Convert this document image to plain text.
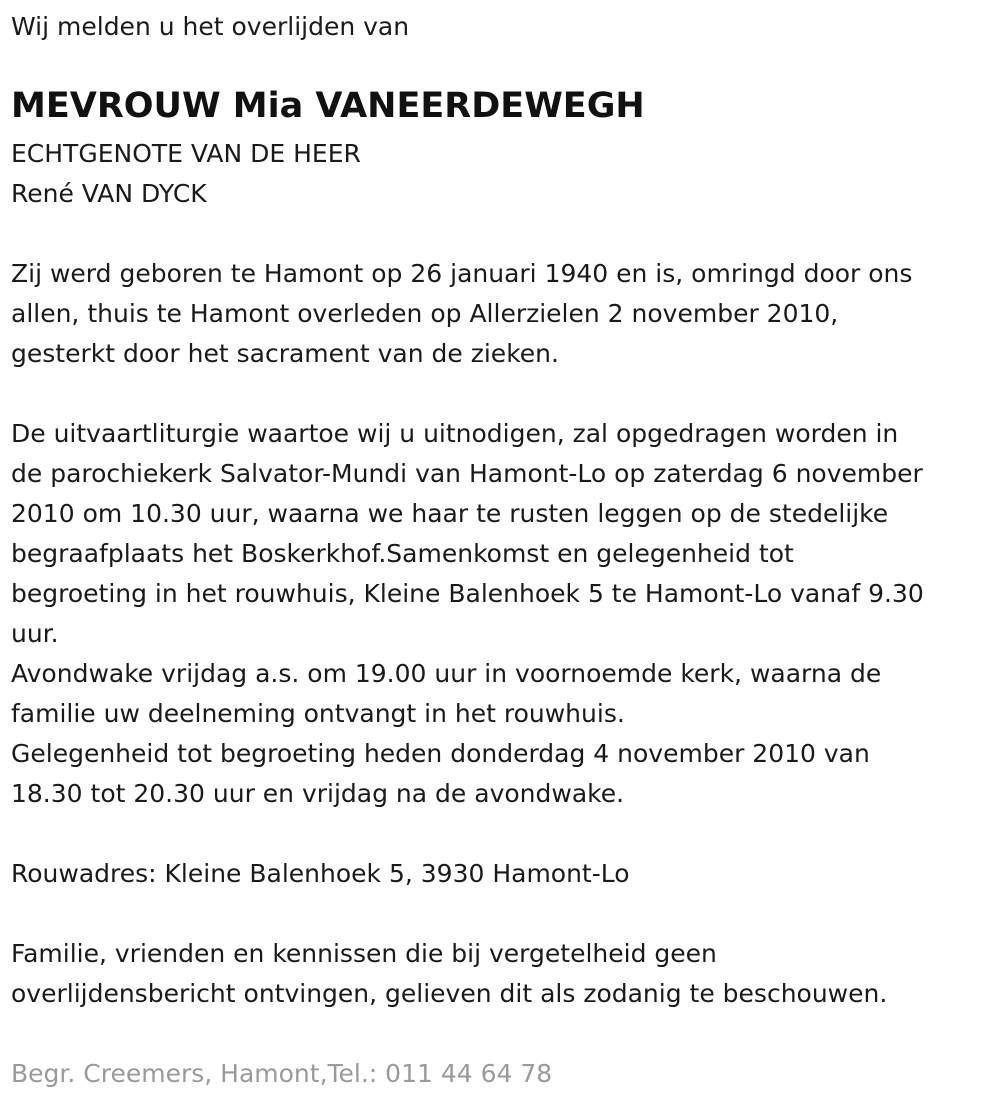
Wij melden u het overlijden van
MEVROUW Mia VANEERDEWEGH
ECHTGENOTE VAN DE HEER
René VAN DYCK
Zij werd geboren te Hamont op 26 januari 1940 en is, omringd door ons
allen, thuis te Hamont overleden op Allerzielen 2 november 2010,
gesterkt door het sacrament van de zieken.
De uitvaartliturgie waartoe wij u uitnodigen, zal opgedragen worden in
de parochiekerk Salvator-Mundi van Hamont-Lo op zaterdag 6 november
2010 om 10.30 uur, waarna we haar te rusten leggen op de stedelijke
begraafplaats het Boskerkhof.Samenkomst en gelegenheid tot
begroeting in het rouwhuis, Kleine Balenhoek 5 te Hamont-Lo vanaf 9.30
uur.
Avondwake vrijdag a.s. om 19.00 uur in voornoemde kerk, waarna de
familie uw deelneming ontvangt in het rouwhuis.
Gelegenheid tot begroeting heden donderdag 4 november 2010 van
18.30 tot 20.30 uur en vrijdag na de avondwake.
Rouwadres: Kleine Balenhoek 5, 3930 Hamont-Lo
Familie, vrienden en kennissen die bij vergetelheid geen
overlijdensbericht ontvingen, gelieven dit als zodanig te beschouwen.
Begr. Creemers, Hamont,Tel.: 011 44 64 78
